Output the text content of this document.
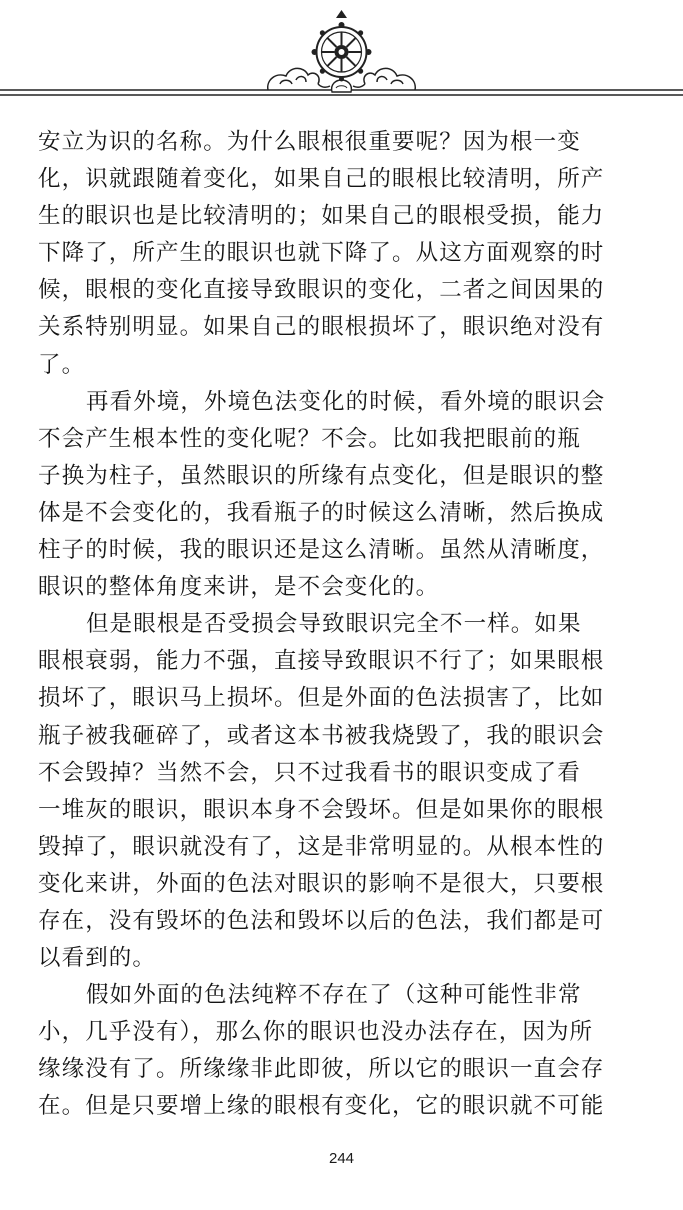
安立为识的名称。为什么眼根很重要呢？因为根一变
化，识就跟随着变化，如果自己的眼根比较清明，所产
生的眼识也是比较清明的；如果自己的眼根受损，能力
下降了，所产生的眼识也就下降了。从这方面观察的时
候，眼根的变化直接导致眼识的变化，二者之间因果的
关系特别明显。如果自己的眼根损坏了，眼识绝对没有
了。
再看外境，外境色法变化的时候，看外境的眼识会
不会产生根本性的变化呢？不会。比如我把眼前的瓶
子换为柱子，虽然眼识的所缘有点变化，但是眼识的整
体是不会变化的，我看瓶子的时候这么清晰，然后换成
柱子的时候，我的眼识还是这么清晰。虽然从清晰度，
眼识的整体角度来讲，是不会变化的。
但是眼根是否受损会导致眼识完全不一样。如果
眼根衰弱，能力不强，直接导致眼识不行了；如果眼根
损坏了，眼识马上损坏。但是外面的色法损害了，比如
瓶子被我砸碎了，或者这本书被我烧毁了，我的眼识会
不会毁掉？当然不会，只不过我看书的眼识变成了看
一堆灰的眼识，眼识本身不会毁坏。但是如果你的眼根
毁掉了，眼识就没有了，这是非常明显的。从根本性的
变化来讲，外面的色法对眼识的影响不是很大，只要根
存在，没有毁坏的色法和毁坏以后的色法，我们都是可
以看到的。
假如外面的色法纯粹不存在了（这种可能性非常
小，几乎没有），那么你的眼识也没办法存在，因为所
缘缘没有了。所缘缘非此即彼，所以它的眼识一直会存
在。但是只要增上缘的眼根有变化，它的眼识就不可能
244
